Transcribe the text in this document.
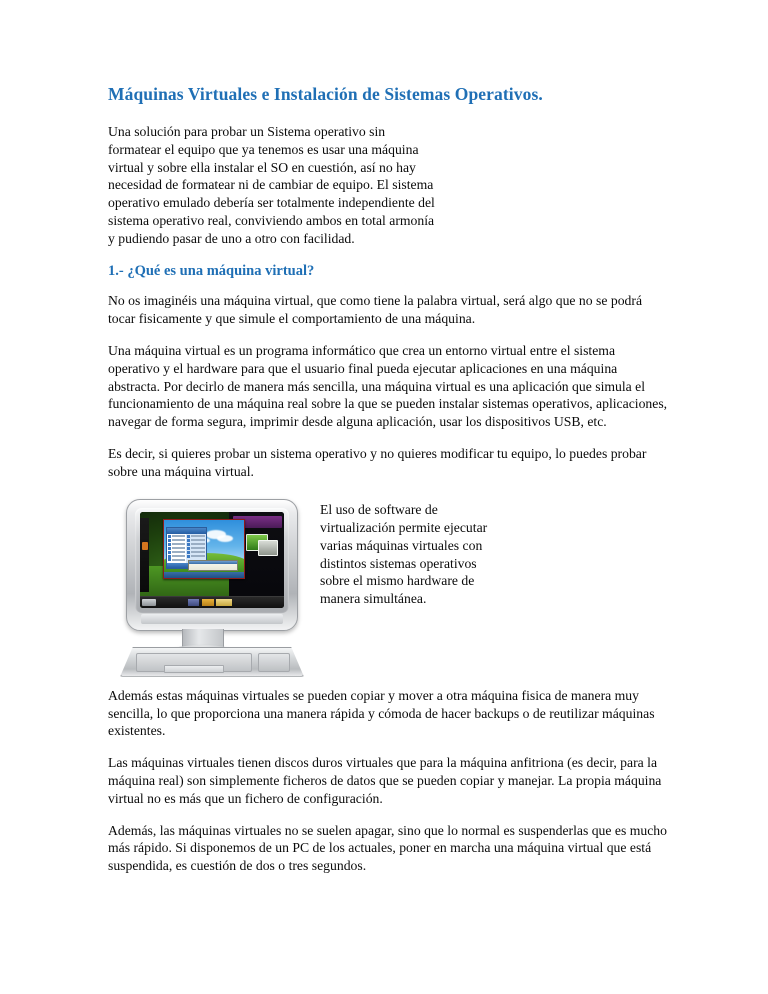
Máquinas Virtuales e Instalación de Sistemas Operativos.

Una solución para probar un Sistema operativo sin formatear el equipo que ya tenemos es usar una máquina virtual y sobre ella instalar el SO en cuestión, así no hay necesidad de formatear ni de cambiar de equipo. El sistema operativo emulado debería ser totalmente independiente del sistema operativo real, conviviendo ambos en total armonía y pudiendo pasar de uno a otro con facilidad.

1.- ¿Qué es una máquina virtual?

No os imaginéis una máquina virtual, que como tiene la palabra virtual, será algo que no se podrá tocar fisicamente y que simule el comportamiento de una máquina.

Una máquina virtual es un programa informático que crea un entorno virtual entre el sistema operativo y el hardware para que el usuario final pueda ejecutar aplicaciones en una máquina abstracta. Por decirlo de manera más sencilla, una máquina virtual es una aplicación que simula el funcionamiento de una máquina real sobre la que se pueden instalar sistemas operativos, aplicaciones, navegar de forma segura, imprimir desde alguna aplicación, usar los dispositivos USB, etc.

Es decir, si quieres probar un sistema operativo y no quieres modificar tu equipo, lo puedes probar sobre una máquina virtual.

El uso de software de virtualización permite ejecutar varias máquinas virtuales con distintos sistemas operativos sobre el mismo hardware de manera simultánea.

Además estas máquinas virtuales se pueden copiar y mover a otra máquina fisica de manera muy sencilla, lo que proporciona una manera rápida y cómoda de hacer backups o de reutilizar máquinas existentes.

Las máquinas virtuales tienen discos duros virtuales que para la máquina anfitriona (es decir, para la máquina real) son simplemente ficheros de datos que se pueden copiar y manejar. La propia máquina virtual no es más que un fichero de configuración.

Además, las máquinas virtuales no se suelen apagar, sino que lo normal es suspenderlas que es mucho más rápido. Si disponemos de un PC de los actuales, poner en marcha una máquina virtual que está suspendida, es cuestión de dos o tres segundos.
